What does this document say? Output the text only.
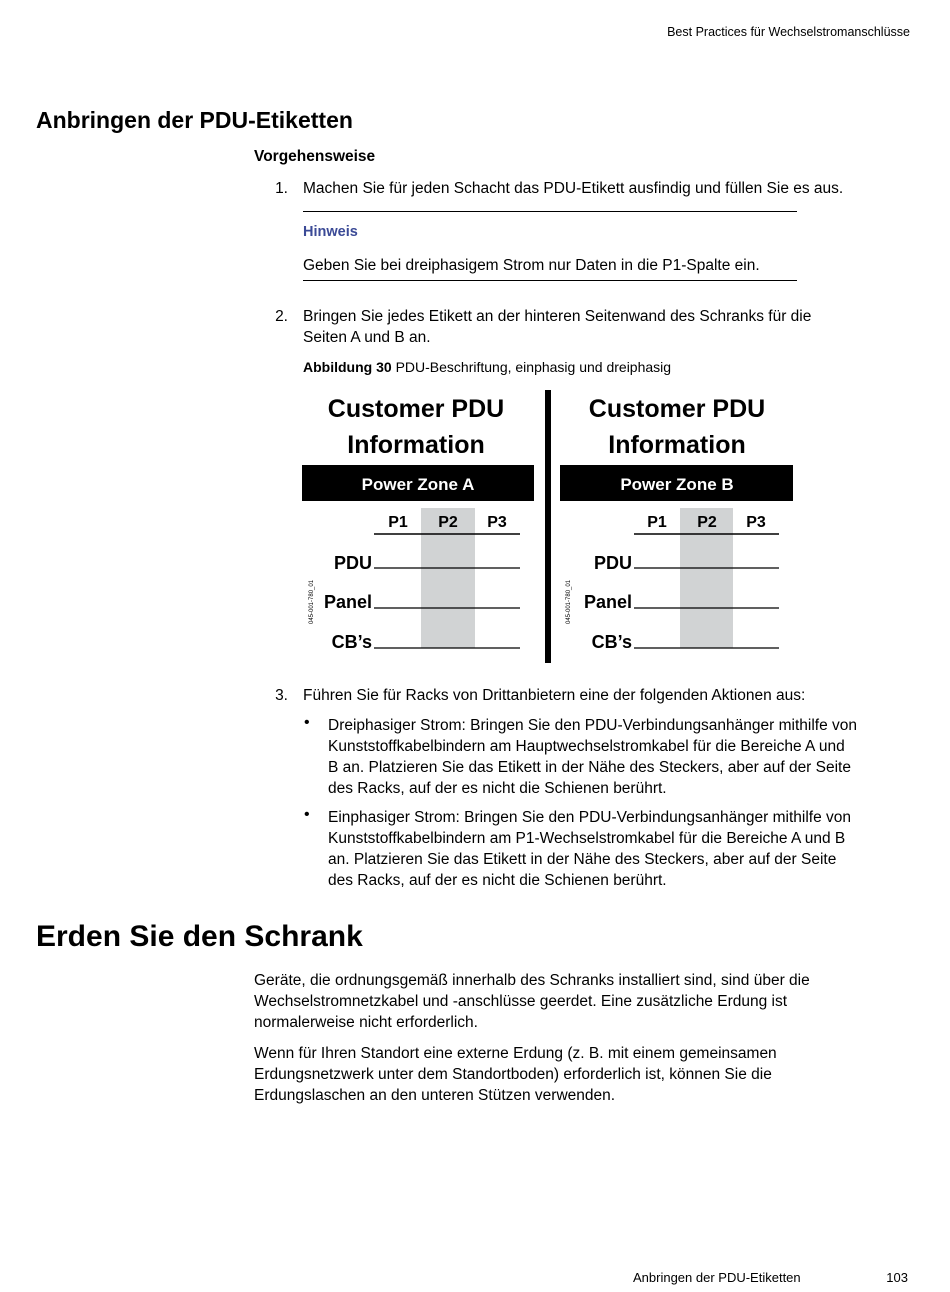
Best Practices für Wechselstromanschlüsse
Anbringen der PDU-Etiketten
Vorgehensweise
1. Machen Sie für jeden Schacht das PDU-Etikett ausfindig und füllen Sie es aus.
Hinweis
Geben Sie bei dreiphasigem Strom nur Daten in die P1-Spalte ein.
2. Bringen Sie jedes Etikett an der hinteren Seitenwand des Schranks für die
Seiten A und B an.
Abbildung 30 PDU-Beschriftung, einphasig und dreiphasig
Customer PDU
Information
Power Zone A
P1 P2 P3
PDU
Panel
CB’s
045-001-780_01
Customer PDU
Information
Power Zone B
P1 P2 P3
PDU
Panel
CB’s
045-001-780_01
3. Führen Sie für Racks von Drittanbietern eine der folgenden Aktionen aus:
• Dreiphasiger Strom: Bringen Sie den PDU-Verbindungsanhänger mithilfe von
Kunststoffkabelbindern am Hauptwechselstromkabel für die Bereiche A und
B an. Platzieren Sie das Etikett in der Nähe des Steckers, aber auf der Seite
des Racks, auf der es nicht die Schienen berührt.
• Einphasiger Strom: Bringen Sie den PDU-Verbindungsanhänger mithilfe von
Kunststoffkabelbindern am P1-Wechselstromkabel für die Bereiche A und B
an. Platzieren Sie das Etikett in der Nähe des Steckers, aber auf der Seite
des Racks, auf der es nicht die Schienen berührt.
Erden Sie den Schrank
Geräte, die ordnungsgemäß innerhalb des Schranks installiert sind, sind über die
Wechselstromnetzkabel und -anschlüsse geerdet. Eine zusätzliche Erdung ist
normalerweise nicht erforderlich.
Wenn für Ihren Standort eine externe Erdung (z. B. mit einem gemeinsamen
Erdungsnetzwerk unter dem Standortboden) erforderlich ist, können Sie die
Erdungslaschen an den unteren Stützen verwenden.
Anbringen der PDU-Etiketten	103
